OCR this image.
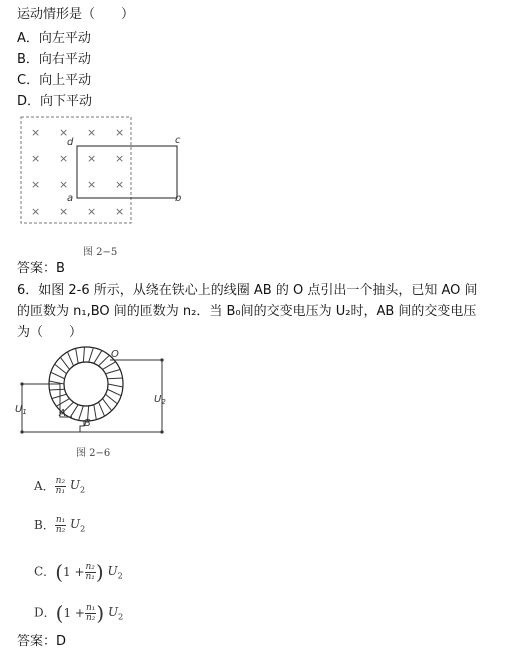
运动情形是（　　）
A．向左平动
B．向右平动
C．向上平动
D．向下平动
× × × ×
× × × ×
× × × ×
× × × ×
d	c
a	b
图 2−5
答案：B
6．如图 2-6 所示，从绕在铁心上的线圈 AB 的 O 点引出一个抽头，已知 AO 间
的匝数为 n₁,BO 间的匝数为 n₂．当 B₀间的交变电压为 U₂时，AB 间的交变电压
为（　　）
O
A
B
$U_1$
$U_2$
图 2−6
A． $\frac{\text{n₂}}{\text{n₁}} U_2$
B． $\frac{\text{n₁}}{\text{n₂}} U_2$
C．($1 + \frac{\text{n₂}}{\text{n₁}}$ ) $U_2$
D．($1 + \frac{\text{n₁}}{\text{n₂}}$ ) $U_2$
答案：D
